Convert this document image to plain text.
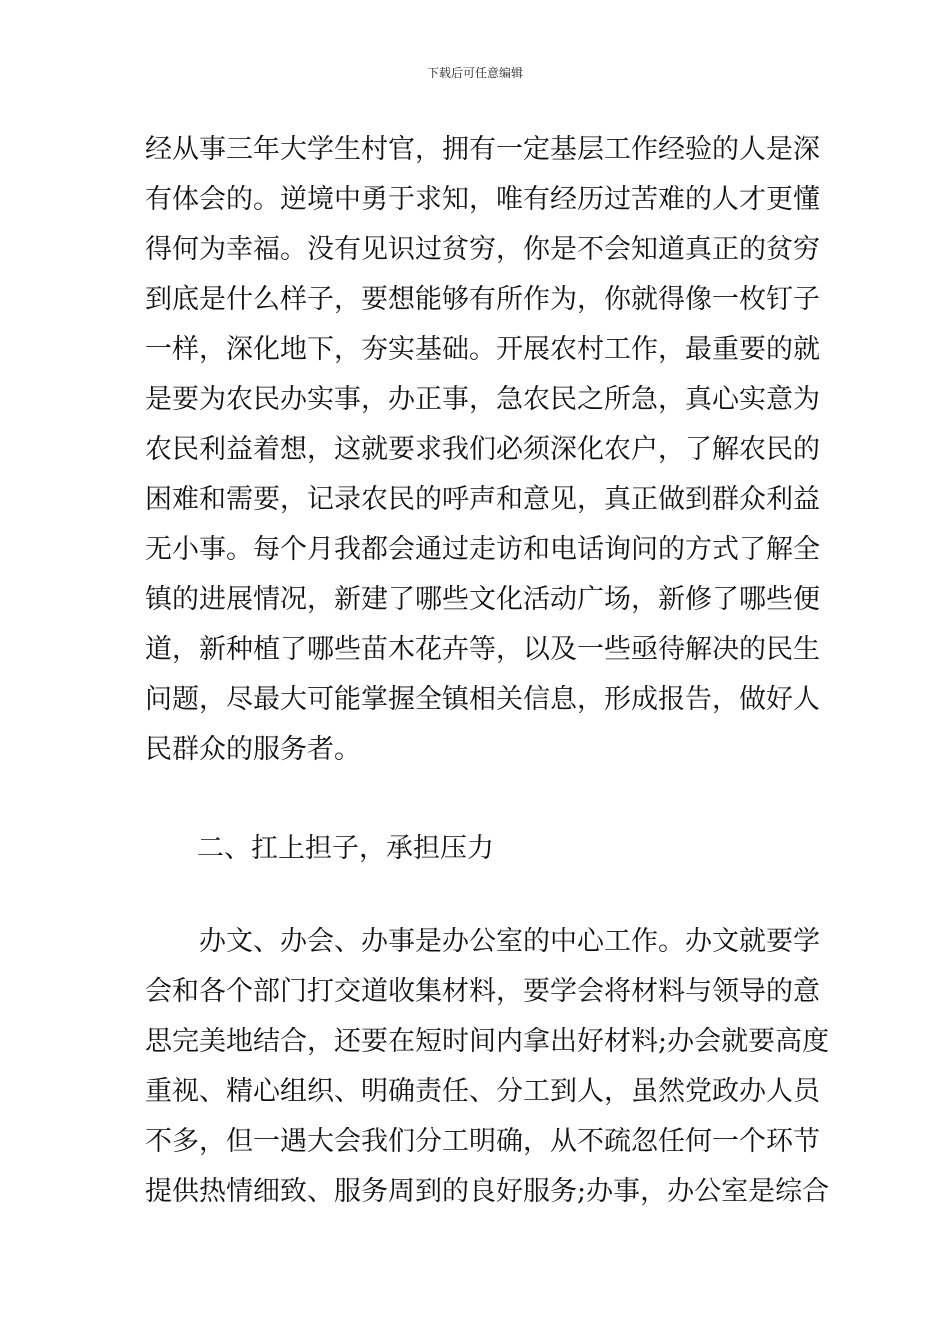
下载后可任意编辑
经从事三年大学生村官，拥有一定基层工作经验的人是深
有体会的。逆境中勇于求知，唯有经历过苦难的人才更懂
得何为幸福。没有见识过贫穷，你是不会知道真正的贫穷
到底是什么样子，要想能够有所作为，你就得像一枚钉子
一样，深化地下，夯实基础。开展农村工作，最重要的就
是要为农民办实事，办正事，急农民之所急，真心实意为
农民利益着想，这就要求我们必须深化农户，了解农民的
困难和需要，记录农民的呼声和意见，真正做到群众利益
无小事。每个月我都会通过走访和电话询问的方式了解全
镇的进展情况，新建了哪些文化活动广场，新修了哪些便
道，新种植了哪些苗木花卉等，以及一些亟待解决的民生
问题，尽最大可能掌握全镇相关信息，形成报告，做好人
民群众的服务者。
二、扛上担子，承担压力
办文、办会、办事是办公室的中心工作。办文就要学
会和各个部门打交道收集材料，要学会将材料与领导的意
思完美地结合，还要在短时间内拿出好材料;办会就要高度
重视、精心组织、明确责任、分工到人，虽然党政办人员
不多，但一遇大会我们分工明确，从不疏忽任何一个环节
提供热情细致、服务周到的良好服务;办事，办公室是综合
